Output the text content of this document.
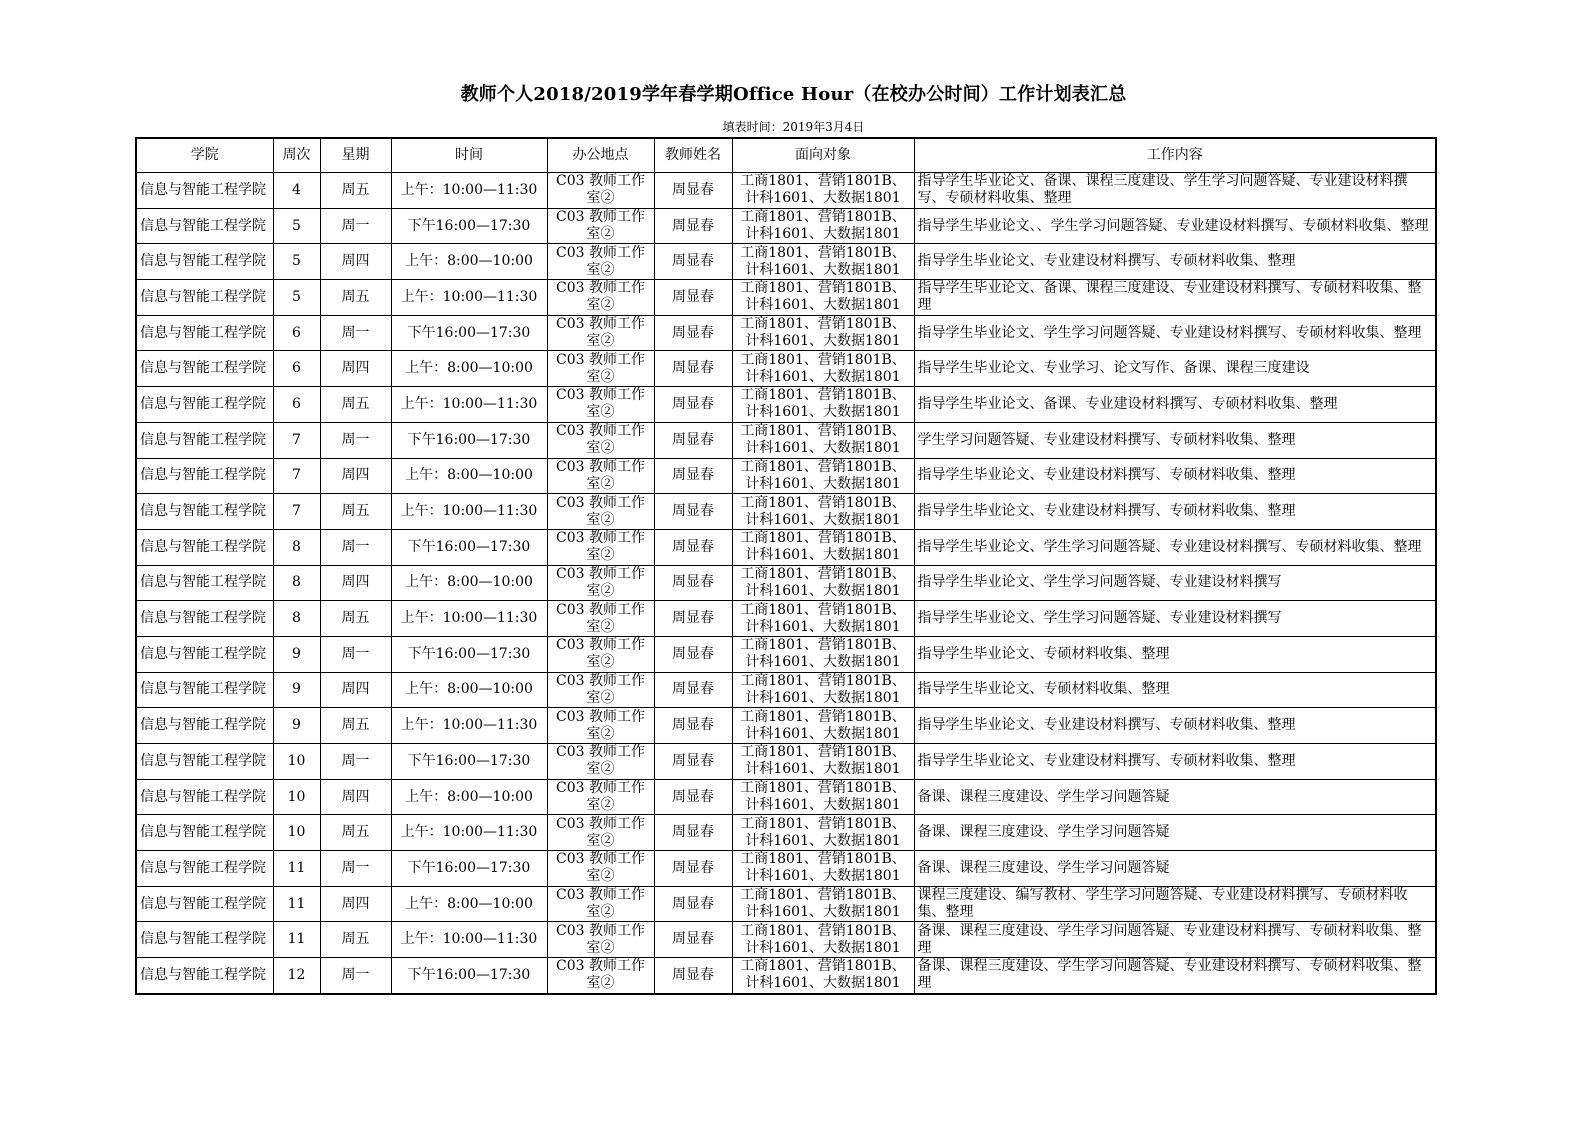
教师个人2018/2019学年春学期Office Hour（在校办公时间）工作计划表汇总
填表时间：2019年3月4日
学院	周次	星期	时间	办公地点	教师姓名	面向对象	工作内容
信息与智能工程学院	4	周五	上午：10:00—11:30	C03 教师工作室②	周显春	工商1801、营销1801B、计科1601、大数据1801	指导学生毕业论文、备课、课程三度建设、学生学习问题答疑、专业建设材料撰写、专硕材料收集、整理
信息与智能工程学院	5	周一	下午16:00—17:30	C03 教师工作室②	周显春	工商1801、营销1801B、计科1601、大数据1801	指导学生毕业论文、、学生学习问题答疑、专业建设材料撰写、专硕材料收集、整理
信息与智能工程学院	5	周四	上午：8:00—10:00	C03 教师工作室②	周显春	工商1801、营销1801B、计科1601、大数据1801	指导学生毕业论文、专业建设材料撰写、专硕材料收集、整理
信息与智能工程学院	5	周五	上午：10:00—11:30	C03 教师工作室②	周显春	工商1801、营销1801B、计科1601、大数据1801	指导学生毕业论文、备课、课程三度建设、专业建设材料撰写、专硕材料收集、整理
信息与智能工程学院	6	周一	下午16:00—17:30	C03 教师工作室②	周显春	工商1801、营销1801B、计科1601、大数据1801	指导学生毕业论文、学生学习问题答疑、专业建设材料撰写、专硕材料收集、整理
信息与智能工程学院	6	周四	上午：8:00—10:00	C03 教师工作室②	周显春	工商1801、营销1801B、计科1601、大数据1801	指导学生毕业论文、专业学习、论文写作、备课、课程三度建设
信息与智能工程学院	6	周五	上午：10:00—11:30	C03 教师工作室②	周显春	工商1801、营销1801B、计科1601、大数据1801	指导学生毕业论文、备课、专业建设材料撰写、专硕材料收集、整理
信息与智能工程学院	7	周一	下午16:00—17:30	C03 教师工作室②	周显春	工商1801、营销1801B、计科1601、大数据1801	学生学习问题答疑、专业建设材料撰写、专硕材料收集、整理
信息与智能工程学院	7	周四	上午：8:00—10:00	C03 教师工作室②	周显春	工商1801、营销1801B、计科1601、大数据1801	指导学生毕业论文、专业建设材料撰写、专硕材料收集、整理
信息与智能工程学院	7	周五	上午：10:00—11:30	C03 教师工作室②	周显春	工商1801、营销1801B、计科1601、大数据1801	指导学生毕业论文、专业建设材料撰写、专硕材料收集、整理
信息与智能工程学院	8	周一	下午16:00—17:30	C03 教师工作室②	周显春	工商1801、营销1801B、计科1601、大数据1801	指导学生毕业论文、学生学习问题答疑、专业建设材料撰写、专硕材料收集、整理
信息与智能工程学院	8	周四	上午：8:00—10:00	C03 教师工作室②	周显春	工商1801、营销1801B、计科1601、大数据1801	指导学生毕业论文、学生学习问题答疑、专业建设材料撰写
信息与智能工程学院	8	周五	上午：10:00—11:30	C03 教师工作室②	周显春	工商1801、营销1801B、计科1601、大数据1801	指导学生毕业论文、学生学习问题答疑、专业建设材料撰写
信息与智能工程学院	9	周一	下午16:00—17:30	C03 教师工作室②	周显春	工商1801、营销1801B、计科1601、大数据1801	指导学生毕业论文、专硕材料收集、整理
信息与智能工程学院	9	周四	上午：8:00—10:00	C03 教师工作室②	周显春	工商1801、营销1801B、计科1601、大数据1801	指导学生毕业论文、专硕材料收集、整理
信息与智能工程学院	9	周五	上午：10:00—11:30	C03 教师工作室②	周显春	工商1801、营销1801B、计科1601、大数据1801	指导学生毕业论文、专业建设材料撰写、专硕材料收集、整理
信息与智能工程学院	10	周一	下午16:00—17:30	C03 教师工作室②	周显春	工商1801、营销1801B、计科1601、大数据1801	指导学生毕业论文、专业建设材料撰写、专硕材料收集、整理
信息与智能工程学院	10	周四	上午：8:00—10:00	C03 教师工作室②	周显春	工商1801、营销1801B、计科1601、大数据1801	备课、课程三度建设、学生学习问题答疑
信息与智能工程学院	10	周五	上午：10:00—11:30	C03 教师工作室②	周显春	工商1801、营销1801B、计科1601、大数据1801	备课、课程三度建设、学生学习问题答疑
信息与智能工程学院	11	周一	下午16:00—17:30	C03 教师工作室②	周显春	工商1801、营销1801B、计科1601、大数据1801	备课、课程三度建设、学生学习问题答疑
信息与智能工程学院	11	周四	上午：8:00—10:00	C03 教师工作室②	周显春	工商1801、营销1801B、计科1601、大数据1801	课程三度建设、编写教材、学生学习问题答疑、专业建设材料撰写、专硕材料收集、整理
信息与智能工程学院	11	周五	上午：10:00—11:30	C03 教师工作室②	周显春	工商1801、营销1801B、计科1601、大数据1801	备课、课程三度建设、学生学习问题答疑、专业建设材料撰写、专硕材料收集、整理
信息与智能工程学院	12	周一	下午16:00—17:30	C03 教师工作室②	周显春	工商1801、营销1801B、计科1601、大数据1801	备课、课程三度建设、学生学习问题答疑、专业建设材料撰写、专硕材料收集、整理
